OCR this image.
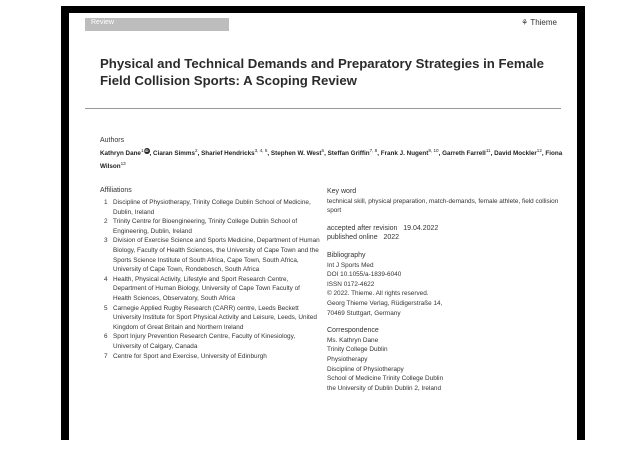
Review	⚘ Thieme
Physical and Technical Demands and Preparatory Strategies in Female Field Collision Sports: A Scoping Review
Authors
Kathryn Dane$^1$iD, Ciaran Simms$^2$, Sharief Hendricks$^{3, 4, 5}$, Stephen W. West$^6$, Steffan Griffin$^{7, 8}$, Frank J. Nugent$^{9, 10}$, Garreth Farrell$^{11}$, David Mockler$^{12}$, Fiona Wilson$^{13}$
Affiliations
1 Discipline of Physiotherapy, Trinity College Dublin School of Medicine, Dublin, Ireland
2 Trinity Centre for Bioengineering, Trinity College Dublin School of Engineering, Dublin, Ireland
3 Division of Exercise Science and Sports Medicine, Department of Human Biology, Faculty of Health Sciences, the University of Cape Town and the Sports Science Institute of South Africa, Cape Town, South Africa, University of Cape Town, Rondebosch, South Africa
4 Health, Physical Activity, Lifestyle and Sport Research Centre, Department of Human Biology, University of Cape Town Faculty of Health Sciences, Observatory, South Africa
5 Carnegie Applied Rugby Research (CARR) centre, Leeds Beckett University Institute for Sport Physical Activity and Leisure, Leeds, United Kingdom of Great Britain and Northern Ireland
6 Sport Injury Prevention Research Centre, Faculty of Kinesiology, University of Calgary, Canada
7 Centre for Sport and Exercise, University of Edinburgh
Key word
technical skill, physical preparation, match-demands, female athlete, field collision sport
accepted after revision 19.04.2022
published online 2022
Bibliography
Int J Sports Med
DOI 10.1055/a-1839-6040
ISSN 0172-4622
© 2022. Thieme. All rights reserved.
Georg Thieme Verlag, Rüdigerstraße 14,
70469 Stuttgart, Germany
Correspondence
Ms. Kathryn Dane
Trinity College Dublin
Physiotherapy
Discipline of Physiotherapy
School of Medicine Trinity College Dublin
the University of Dublin Dublin 2, Ireland
